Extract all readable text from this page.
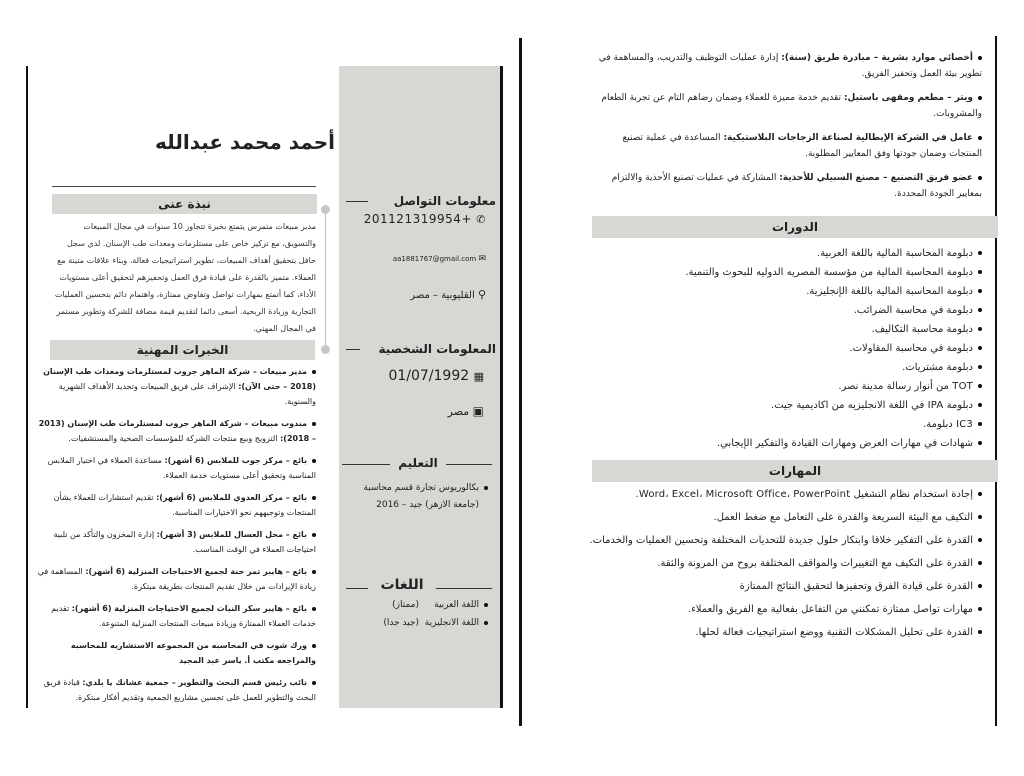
أحمد محمد عبدالله
نبذة عنى
مدير مبيعات متمرس يتمتع بخبرة تتجاوز 10 سنوات في مجال المبيعات والتسويق، مع تركيز خاص على مستلزمات ومعدات طب الإسنان. لدي سجل حافل بتحقيق أهداف المبيعات، تطوير استراتيجيات فعالة، وبناء علاقات متينة مع العملاء. متميز بالقدرة على قيادة فرق العمل وتحفيزهم لتحقيق أعلى مستويات الأداء، كما أتمتع بمهارات تواصل وتفاوض ممتازة، واهتمام دائم بتحسين العمليات التجارية وزيادة الربحية. أسعى دائما لتقديم قيمة مضافة للشركة وتطوير مستمر في المجال المهني.
الخبرات المهنية
مدير مبيعات – شركة الماهر جروب لمستلزمات ومعدات طب الإسنان (2018 – حتى الآن): الإشراف على فريق المبيعات وتحديد الأهداف الشهرية والسنوية.
مندوب مبيعات – شركة الماهر جروب لمستلزمات طب الإسنان (2013 – 2018): الترويج وبيع منتجات الشركة للمؤسسات الصحية والمستشفيات.
بائع – مركز جوب للملابس (6 أشهر): مساعدة العملاء في اختيار الملابس المناسبة وتحقيق أعلى مستويات خدمة العملاء.
بائع – مركز العدوي للملابس (6 أشهر): تقديم استشارات للعملاء بشأن المنتجات وتوجيههم نحو الاختيارات المناسبة.
بائع – محل العسال للملابس (3 أشهر): إدارة المخزون والتأكد من تلبية احتياجات العملاء في الوقت المناسب.
بائع – هايبر تمر حنة لجميع الاحتياجات المنزلية (6 أشهر): المساهمة في زيادة الإيرادات من خلال تقديم المنتجات بطريقة مبتكرة.
بائع – هايبر سكر النبات لجميع الاحتياجات المنزلية (6 أشهر): تقديم خدمات العملاء الممتازة وزيادة مبيعات المنتجات المنزلية المتنوعة.
ورك شوب في المحاسبه من المجموعه الاستشاريه للمحاسبه والمراجعه مكتب أ. ياسر عبد المجيد
نائب رئيس قسم البحث والتطوير – جمعية عشانك يا بلدي: قيادة فريق البحث والتطوير للعمل على تحسين مشاريع الجمعية وتقديم أفكار مبتكرة.
معلومات التواصل
✆ +201121319954
✉ aa1881767@gmail.com
⚲ القليوبية – مصر
المعلومات الشخصية
▦ 01/07/1992
▣ مصر
التعليم
بكالوريوس تجارة قسم محاسبة
(جامعة الازهر) جيد – 2016
اللغات
اللغة العربية(ممتاز)
اللغة الانجليزية(جيد جدا)
أخصائي موارد بشرية – مبادرة طريق (سنة): إدارة عمليات التوظيف والتدريب، والمساهمة في تطوير بيئة العمل وتحفيز الفريق.
ويتر – مطعم ومقهى باستيل: تقديم خدمة مميزة للعملاء وضمان رضاهم التام عن تجربة الطعام والمشروبات.
عامل في الشركة الإيطالية لصناعة الزجاجات البلاستيكية: المساعدة في عملية تصنيع المنتجات وضمان جودتها وفق المعايير المطلوبة.
عضو فريق التصنيع – مصنع السبيلي للأحذية: المشاركة في عمليات تصنيع الأحذية والالتزام بمعايير الجودة المحددة.
الدورات
دبلومة المحاسبة المالية باللغة العربية.
دبلومة المحاسبة المالية من مؤسسة المصريه الدوليه للبحوث والتنمية.
دبلومة المحاسبة المالية باللغة الإنجليزية.
دبلومة في محاسبة الضرائب.
دبلومة محاسبة التكاليف.
دبلومة في محاسبة المقاولات.
دبلومة مشتريات.
TOT من أنوار رسالة مدينة نصر.
دبلومة IPA في اللغة الانجليزيه من اكاديمية جيت.
IC3 دبلومة.
شهادات في مهارات العرض ومهارات القيادة والتفكير الإيجابي.
المهارات
إجادة استخدام نظام التشغيل Word، Excel، Microsoft Office، PowerPoint.
التكيف مع البيئة السريعة والقدرة على التعامل مع ضغط العمل.
القدرة على التفكير خلاقا وابتكار حلول جديدة للتحديات المختلفة وتحسين العمليات والخدمات.
القدرة على التكيف مع التغييرات والمواقف المختلفة بروح من المرونة والثقة.
القدرة على قيادة الفرق وتحفيزها لتحقيق النتائج الممتازة
مهارات تواصل ممتازة تمكنني من التفاعل بفعالية مع الفريق والعملاء.
القدرة على تحليل المشكلات التقنية ووضع استراتيجيات فعالة لحلها.
